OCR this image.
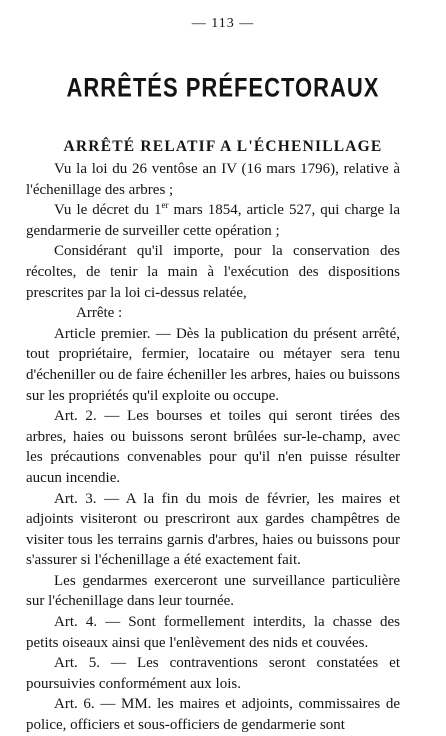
— 113 —
ARRÊTÉS PRÉFECTORAUX
ARRÊTÉ RELATIF A L'ÉCHENILLAGE

Vu la loi du 26 ventôse an IV (16 mars 1796), relative à l'échenillage des arbres ;

Vu le décret du 1er mars 1854, article 527, qui charge la gendarmerie de surveiller cette opération ;

Considérant qu'il importe, pour la conservation des récoltes, de tenir la main à l'exécution des dispositions prescrites par la loi ci-dessus relatée,

Arrête :

Article premier. — Dès la publication du présent arrêté, tout propriétaire, fermier, locataire ou métayer sera tenu d'écheniller ou de faire écheniller les arbres, haies ou buissons sur les propriétés qu'il exploite ou occupe.

Art. 2. — Les bourses et toiles qui seront tirées des arbres, haies ou buissons seront brûlées sur-le-champ, avec les précautions convenables pour qu'il n'en puisse résulter aucun incendie.

Art. 3. — A la fin du mois de février, les maires et adjoints visiteront ou prescriront aux gardes champêtres de visiter tous les terrains garnis d'arbres, haies ou buissons pour s'assurer si l'échenillage a été exactement fait.

Les gendarmes exerceront une surveillance particulière sur l'échenillage dans leur tournée.

Art. 4. — Sont formellement interdits, la chasse des petits oiseaux ainsi que l'enlèvement des nids et couvées.

Art. 5. — Les contraventions seront constatées et poursuivies conformément aux lois.

Art. 6. — MM. les maires et adjoints, commissaires de police, officiers et sous-officiers de gendarmerie sont
